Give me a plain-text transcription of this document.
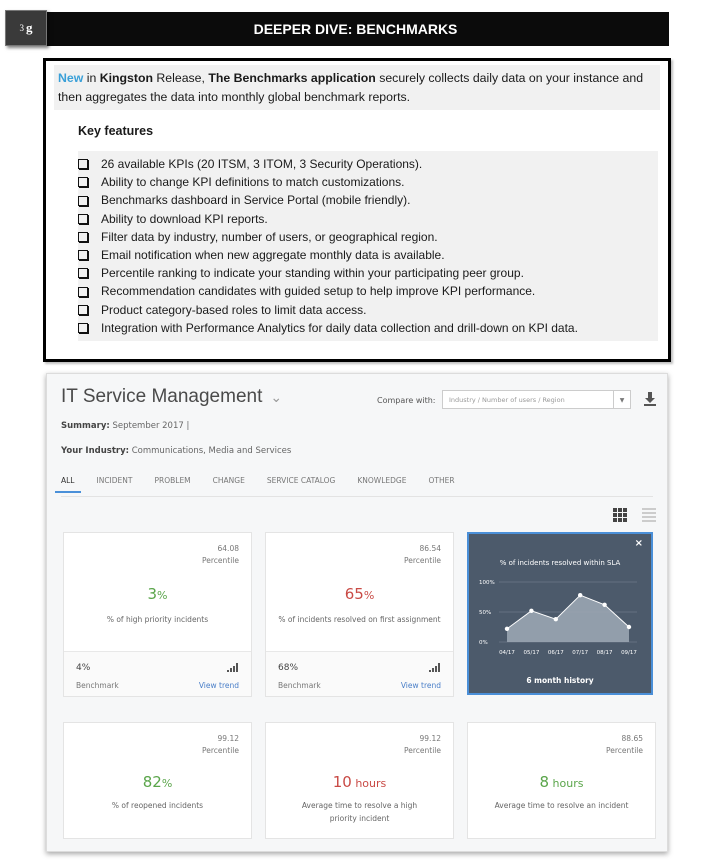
3 g	DEEPER DIVE: BENCHMARKS
New in Kingston Release, The Benchmarks application securely collects daily data on your instance and then aggregates the data into monthly global benchmark reports.
Key features
26 available KPIs (20 ITSM, 3 ITOM, 3 Security Operations).
Ability to change KPI definitions to match customizations.
Benchmarks dashboard in Service Portal (mobile friendly).
Ability to download KPI reports.
Filter data by industry, number of users, or geographical region.
Email notification when new aggregate monthly data is available.
Percentile ranking to indicate your standing within your participating peer group.
Recommendation candidates with guided setup to help improve KPI performance.
Product category-based roles to limit data access.
Integration with Performance Analytics for daily data collection and drill-down on KPI data.
IT Service Management ⌄	Compare with:	Industry / Number of users / Region	▼
Summary: September 2017 |
Your Industry: Communications, Media and Services
ALL	INCIDENT	PROBLEM	CHANGE	SERVICE CATALOG	KNOWLEDGE	OTHER
64.08
Percentile
3%
% of high priority incidents
4%
Benchmark	View trend
86.54
Percentile
65%
% of incidents resolved on first assignment
68%
Benchmark	View trend
×
% of incidents resolved within SLA
100%
50%
0%
04/17 05/17 06/17 07/17 08/17 09/17
6 month history
99.12
Percentile
82%
% of reopened incidents
99.12
Percentile
10 hours
Average time to resolve a high priority incident
88.65
Percentile
8 hours
Average time to resolve an incident
